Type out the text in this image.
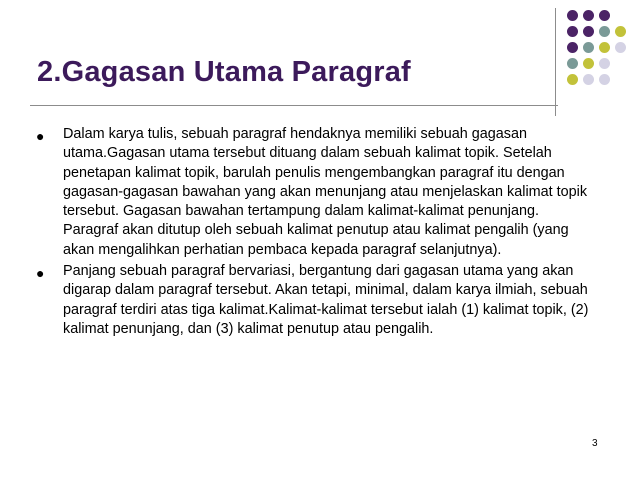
2.Gagasan Utama Paragraf
● Dalam karya tulis, sebuah paragraf hendaknya memiliki sebuah gagasan utama.Gagasan utama tersebut dituang dalam sebuah kalimat topik. Setelah penetapan kalimat topik, barulah penulis mengembangkan paragraf itu dengan gagasan-gagasan bawahan yang akan menunjang atau menjelaskan kalimat topik tersebut. Gagasan bawahan tertampung dalam kalimat-kalimat penunjang. Paragraf akan ditutup oleh sebuah kalimat penutup atau kalimat pengalih (yang akan mengalihkan perhatian pembaca kepada paragraf selanjutnya).
● Panjang sebuah paragraf bervariasi, bergantung dari gagasan utama yang akan digarap dalam paragraf tersebut. Akan tetapi, minimal, dalam karya ilmiah, sebuah paragraf terdiri atas tiga kalimat.Kalimat-kalimat tersebut ialah (1) kalimat topik, (2) kalimat penunjang, dan (3) kalimat penutup atau pengalih.
3
